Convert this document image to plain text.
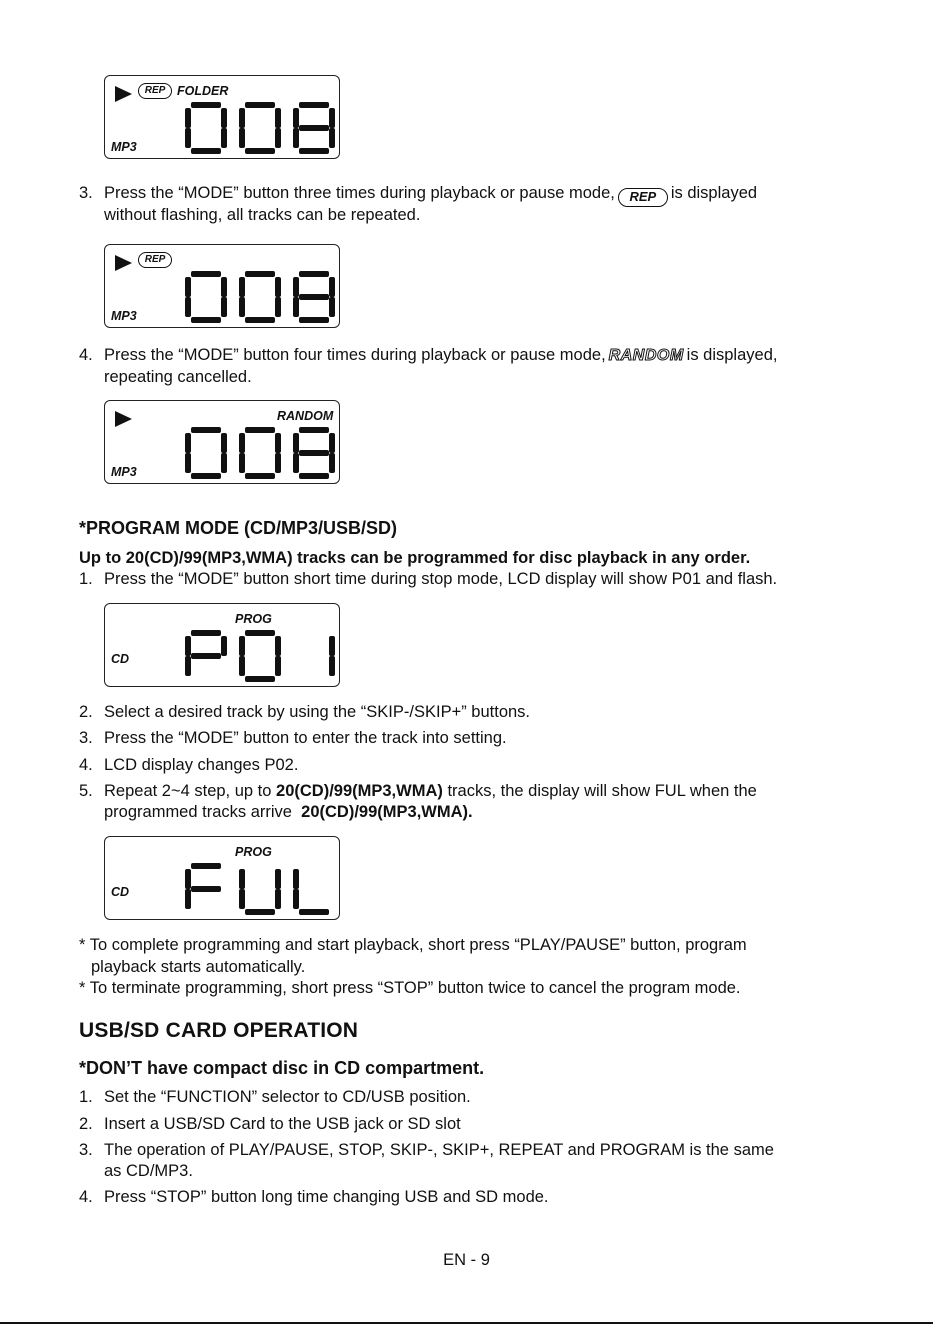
REP FOLDER
MP3
3. Press the “MODE” button three times during playback or pause mode, REP is displayed
without flashing, all tracks can be repeated.
REP
MP3
4. Press the “MODE” button four times during playback or pause mode, RANDOM is displayed,
repeating cancelled.
RANDOM
MP3
*PROGRAM MODE (CD/MP3/USB/SD)
Up to 20(CD)/99(MP3,WMA) tracks can be programmed for disc playback in any order.
1. Press the “MODE” button short time during stop mode, LCD display will show P01 and flash.
PROG
CD
2. Select a desired track by using the “SKIP-/SKIP+” buttons.
3. Press the “MODE” button to enter the track into setting.
4. LCD display changes P02.
5. Repeat 2~4 step, up to 20(CD)/99(MP3,WMA) tracks, the display will show FUL when the
programmed tracks arrive 20(CD)/99(MP3,WMA).
PROG
CD
* To complete programming and start playback, short press “PLAY/PAUSE” button, program
playback starts automatically.
* To terminate programming, short press “STOP” button twice to cancel the program mode.
USB/SD CARD OPERATION
*DON’T have compact disc in CD compartment.
1. Set the “FUNCTION” selector to CD/USB position.
2. Insert a USB/SD Card to the USB jack or SD slot
3. The operation of PLAY/PAUSE, STOP, SKIP-, SKIP+, REPEAT and PROGRAM is the same
as CD/MP3.
4. Press “STOP” button long time changing USB and SD mode.
EN - 9
